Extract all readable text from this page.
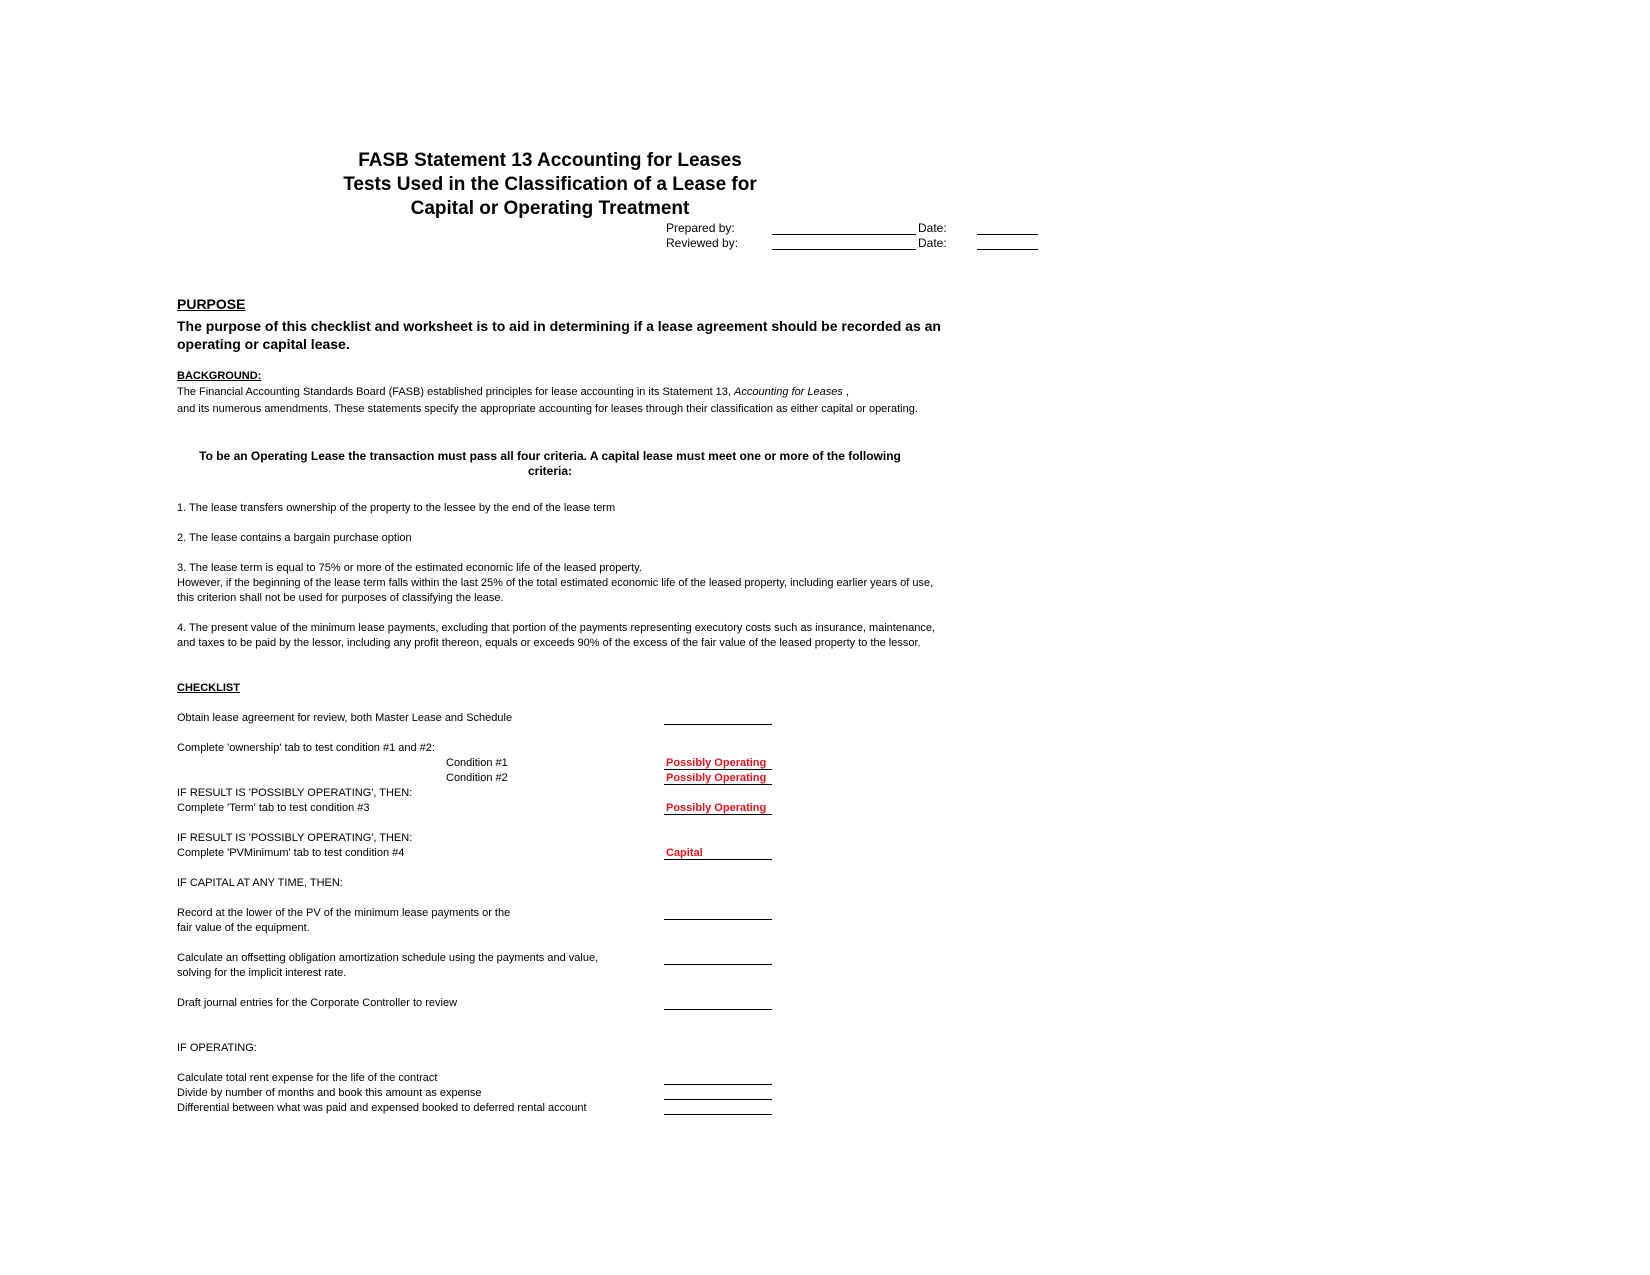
FASB Statement 13 Accounting for Leases
Tests Used in the Classification of a Lease for
Capital or Operating Treatment
Prepared by:	Date:
Reviewed by:	Date:
PURPOSE
The purpose of this checklist and worksheet is to aid in determining if a lease agreement should be recorded as an
operating or capital lease.
BACKGROUND:
The Financial Accounting Standards Board (FASB) established principles for lease accounting in its Statement 13, Accounting for Leases ,
and its numerous amendments. These statements specify the appropriate accounting for leases through their classification as either capital or operating.
To be an Operating Lease the transaction must pass all four criteria. A capital lease must meet one or more of the following
criteria:
1. The lease transfers ownership of the property to the lessee by the end of the lease term
2. The lease contains a bargain purchase option
3. The lease term is equal to 75% or more of the estimated economic life of the leased property.
However, if the beginning of the lease term falls within the last 25% of the total estimated economic life of the leased property, including earlier years of use,
this criterion shall not be used for purposes of classifying the lease.
4. The present value of the minimum lease payments, excluding that portion of the payments representing executory costs such as insurance, maintenance,
and taxes to be paid by the lessor, including any profit thereon, equals or exceeds 90% of the excess of the fair value of the leased property to the lessor.
CHECKLIST
Obtain lease agreement for review, both Master Lease and Schedule
Complete 'ownership' tab to test condition #1 and #2:
Condition #1	Possibly Operating
Condition #2	Possibly Operating
IF RESULT IS 'POSSIBLY OPERATING', THEN:
Complete 'Term' tab to test condition #3	Possibly Operating
IF RESULT IS 'POSSIBLY OPERATING', THEN:
Complete 'PVMinimum' tab to test condition #4	Capital
IF CAPITAL AT ANY TIME, THEN:
Record at the lower of the PV of the minimum lease payments or the
fair value of the equipment.
Calculate an offsetting obligation amortization schedule using the payments and value,
solving for the implicit interest rate.
Draft journal entries for the Corporate Controller to review
IF OPERATING:
Calculate total rent expense for the life of the contract
Divide by number of months and book this amount as expense
Differential between what was paid and expensed booked to deferred rental account
